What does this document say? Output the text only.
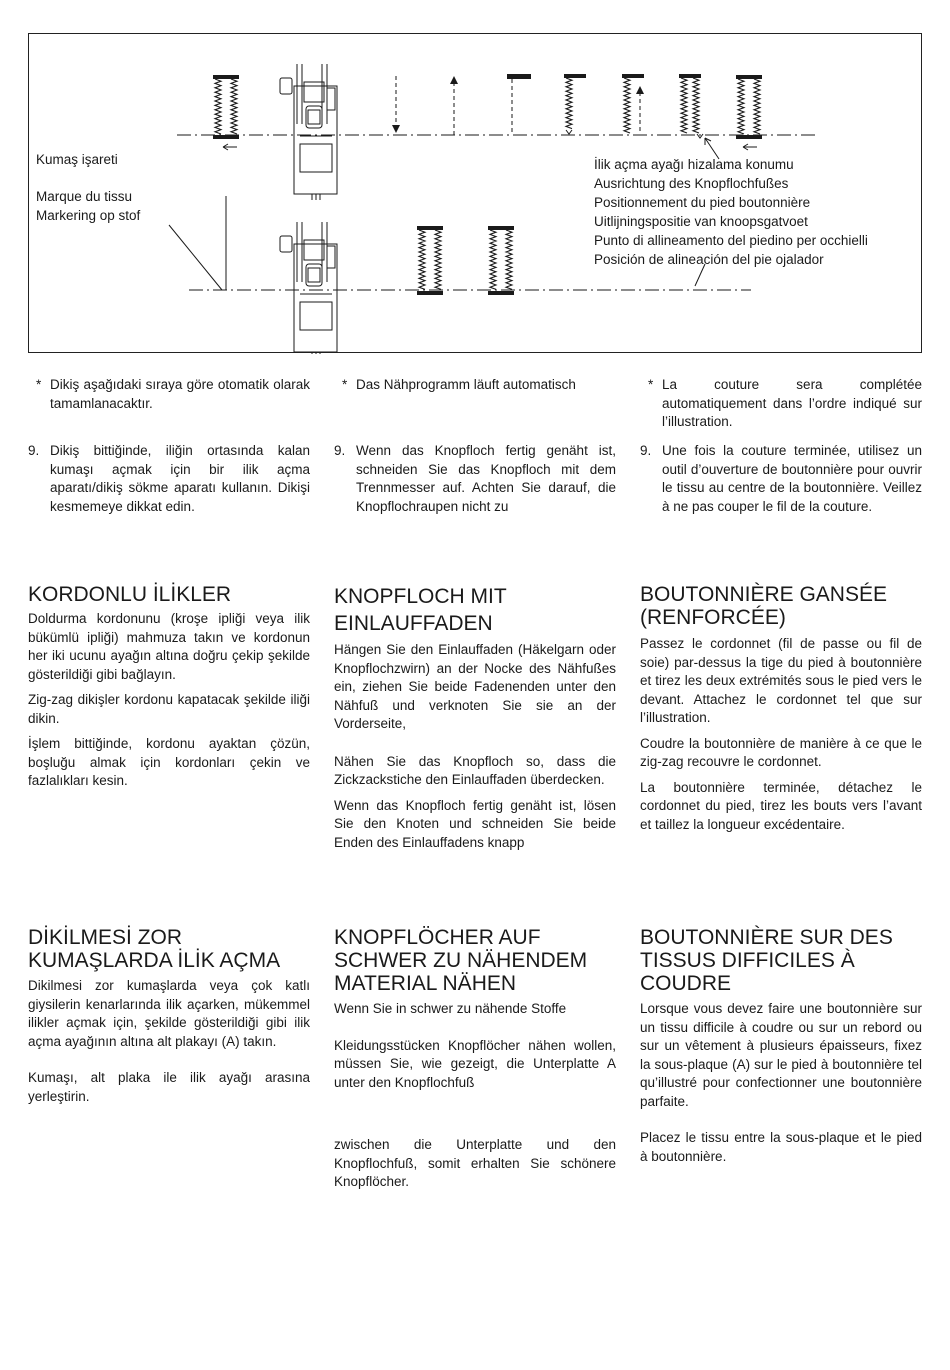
Kumaş işareti
Marque du tissu
Markering op stof
İlik açma ayağı hizalama konumu
Ausrichtung des Knopflochfußes
Positionnement du pied boutonnière
Uitlijningspositie van knoopsgatvoet
Punto di allineamento del piedino per occhielli
Posición de alineación del pie ojalador
* Dikiş aşağıdaki sıraya göre otomatik olarak tamamlanacaktır.
9. Dikiş bittiğinde, iliğin ortasında kalan kumaşı açmak için bir ilik açma aparatı/dikiş sökme aparatı kullanın. Dikişi kesmemeye dikkat edin.
KORDONLU İLİKLER

Doldurma kordonunu (kroşe ipliği veya ilik bükümlü ipliği) mahmuza takın ve kordonun her iki ucunu ayağın altına doğru çekip şekilde gösterildiği gibi bağlayın.

Zig-zag dikişler kordonu kapatacak şekilde iliği dikin.

İşlem bittiğinde, kordonu ayaktan çözün, boşluğu almak için kordonları çekin ve fazlalıkları kesin.

DİKİLMESİ ZOR KUMAŞLARDA İLİK AÇMA

Dikilmesi zor kumaşlarda veya çok katlı giysilerin kenarlarında ilik açarken, mükemmel ilikler açmak için, şekilde gösterildiği gibi ilik açma ayağının altına alt plakayı (A) takın.

Kumaşı, alt plaka ile ilik ayağı arasına yerleştirin.

* Das Nähprogramm läuft automatisch
9. Wenn das Knopfloch fertig genäht ist, schneiden Sie das Knopfloch mit dem Trennmesser auf. Achten Sie darauf, die Knopflochraupen nicht zu
KNOPFLOCH MIT EINLAUFFADEN

Hängen Sie den Einlauffaden (Häkelgarn oder Knopflochzwirn) an der Nocke des Nähfußes ein, ziehen Sie beide Fadenenden unter den Nähfuß und verknoten Sie sie an der Vorderseite,

Nähen Sie das Knopfloch so, dass die Zickzackstiche den Einlauffaden überdecken.

Wenn das Knopfloch fertig genäht ist, lösen Sie den Knoten und schneiden Sie beide Enden des Einlauffadens knapp

KNOPFLÖCHER AUF SCHWER ZU NÄHENDEM MATERIAL NÄHEN

Wenn Sie in schwer zu nähende Stoffe

Kleidungsstücken Knopflöcher nähen wollen, müssen Sie, wie gezeigt, die Unterplatte A unter den Knopflochfuß

zwischen die Unterplatte und den Knopflochfuß, somit erhalten Sie schönere Knopflöcher.

* La couture sera complétée automatiquement dans l’ordre indiqué sur l’illustration.
9. Une fois la couture terminée, utilisez un outil d’ouverture de boutonnière pour ouvrir le tissu au centre de la boutonnière. Veillez à ne pas couper le fil de la couture.
BOUTONNIÈRE GANSÉE (RENFORCÉE)

Passez le cordonnet (fil de passe ou fil de soie) par-dessus la tige du pied à boutonnière et tirez les deux extrémités sous le pied vers le devant. Attachez le cordonnet tel que sur l’illustration.

Coudre la boutonnière de manière à ce que le zig-zag recouvre le cordonnet.

La boutonnière terminée, détachez le cordonnet du pied, tirez les bouts vers l’avant et taillez la longueur excédentaire.

BOUTONNIÈRE SUR DES TISSUS DIFFICILES À COUDRE

Lorsque vous devez faire une boutonnière sur un tissu difficile à coudre ou sur un rebord ou sur un vêtement à plusieurs épaisseurs, fixez la sous-plaque (A) sur le pied à boutonnière tel qu’illustré pour confectionner une boutonnière parfaite.

Placez le tissu entre la sous-plaque et le pied à boutonnière.
